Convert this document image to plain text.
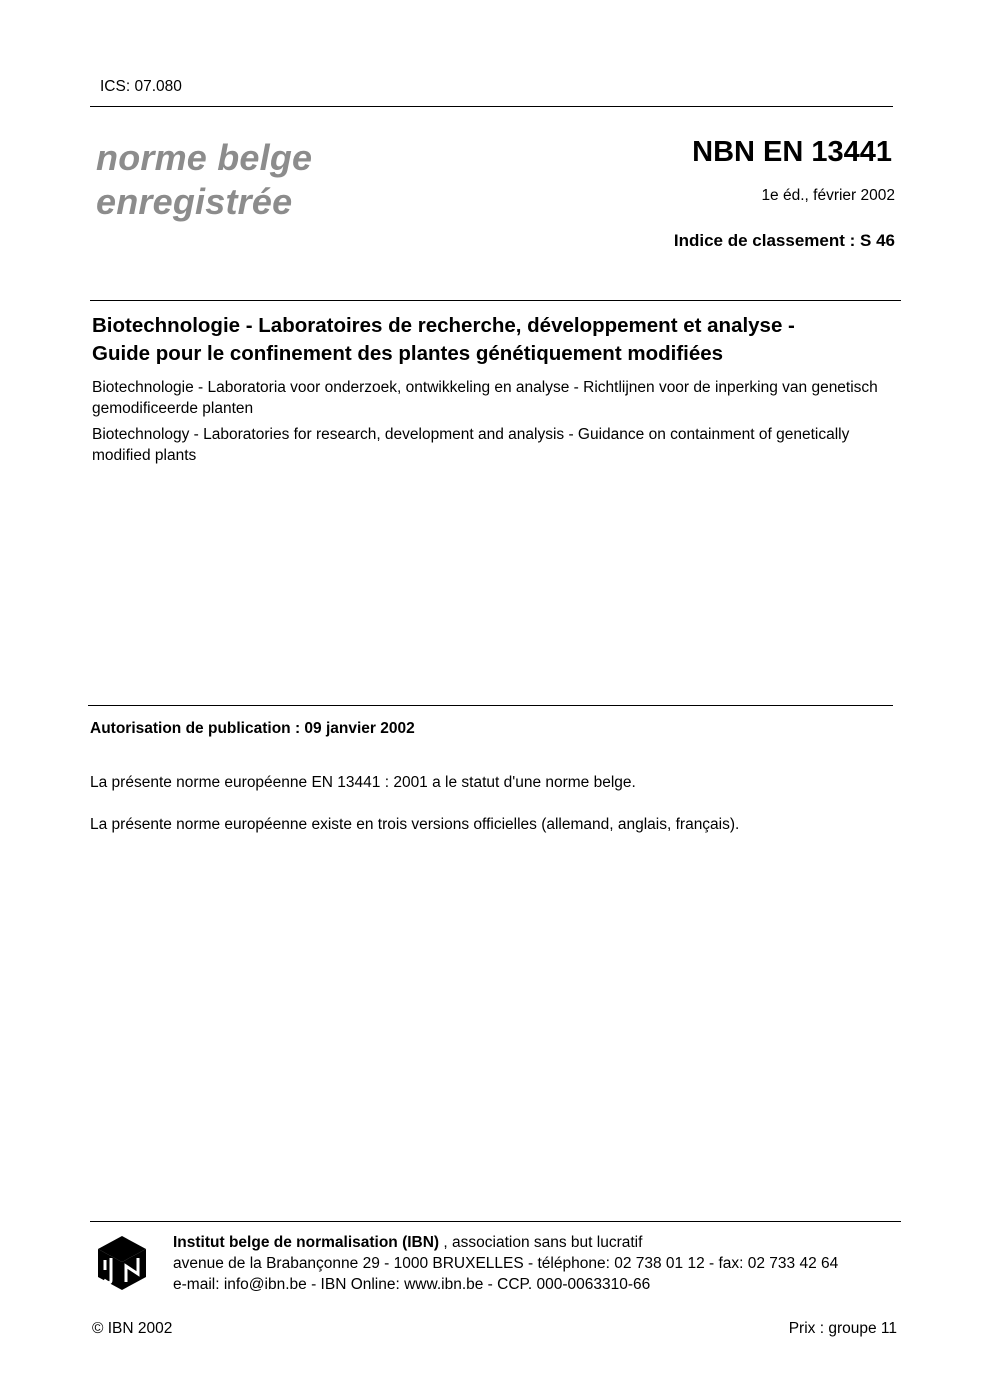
ICS: 07.080
norme belge
enregistrée
NBN EN 13441
1e éd., février 2002
Indice de classement : S 46
Biotechnologie - Laboratoires de recherche, développement et analyse -
Guide pour le confinement des plantes génétiquement modifiées
Biotechnologie - Laboratoria voor onderzoek, ontwikkeling en analyse - Richtlijnen voor de inperking van genetisch gemodificeerde planten
Biotechnology - Laboratories for research, development and analysis - Guidance on containment of genetically modified plants
Autorisation de publication : 09 janvier 2002
La présente norme européenne EN 13441 : 2001 a le statut d'une norme belge.
La présente norme européenne existe en trois versions officielles (allemand, anglais, français).
Institut belge de normalisation (IBN) , association sans but lucratif
avenue de la Brabançonne 29 - 1000 BRUXELLES - téléphone: 02 738 01 12 - fax: 02 733 42 64
e-mail: info@ibn.be - IBN Online: www.ibn.be - CCP. 000-0063310-66
© IBN 2002	Prix : groupe 11
